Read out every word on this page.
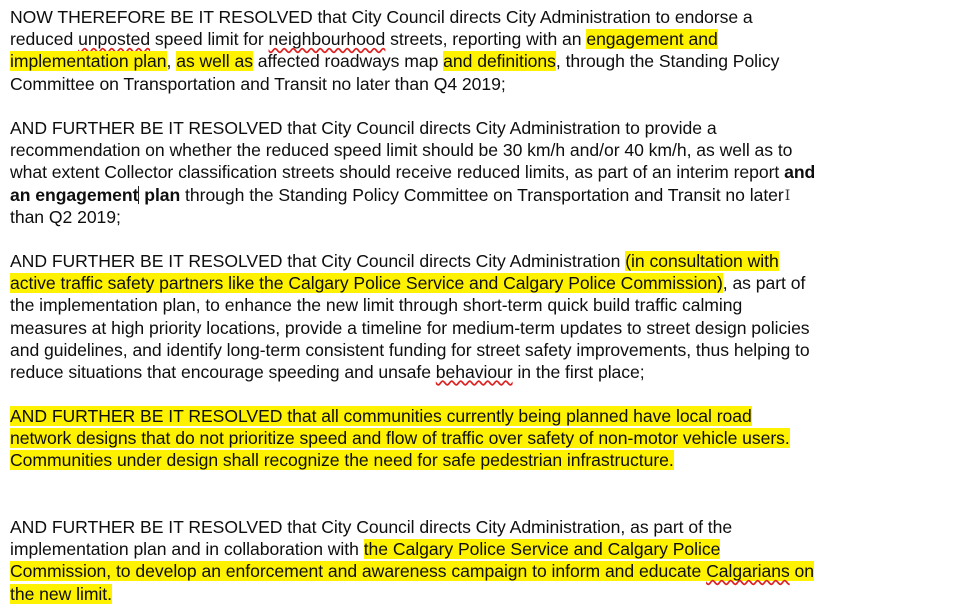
NOW THEREFORE BE IT RESOLVED that City Council directs City Administration to endorse a
reduced unposted speed limit for neighbourhood streets, reporting with an engagement and
implementation plan, as well as affected roadways map and definitions, through the Standing Policy
Committee on Transportation and Transit no later than Q4 2019;
AND FURTHER BE IT RESOLVED that City Council directs City Administration to provide a
recommendation on whether the reduced speed limit should be 30 km/h and/or 40 km/h, as well as to
what extent Collector classification streets should receive reduced limits, as part of an interim report and
an engagement plan through the Standing Policy Committee on Transportation and Transit no laterI
than Q2 2019;
AND FURTHER BE IT RESOLVED that City Council directs City Administration (in consultation with
active traffic safety partners like the Calgary Police Service and Calgary Police Commission), as part of
the implementation plan, to enhance the new limit through short-term quick build traffic calming
measures at high priority locations, provide a timeline for medium-term updates to street design policies
and guidelines, and identify long-term consistent funding for street safety improvements, thus helping to
reduce situations that encourage speeding and unsafe behaviour in the first place;
AND FURTHER BE IT RESOLVED that all communities currently being planned have local road
network designs that do not prioritize speed and flow of traffic over safety of non-motor vehicle users.
Communities under design shall recognize the need for safe pedestrian infrastructure.
AND FURTHER BE IT RESOLVED that City Council directs City Administration, as part of the
implementation plan and in collaboration with the Calgary Police Service and Calgary Police
Commission, to develop an enforcement and awareness campaign to inform and educate Calgarians on
the new limit.
